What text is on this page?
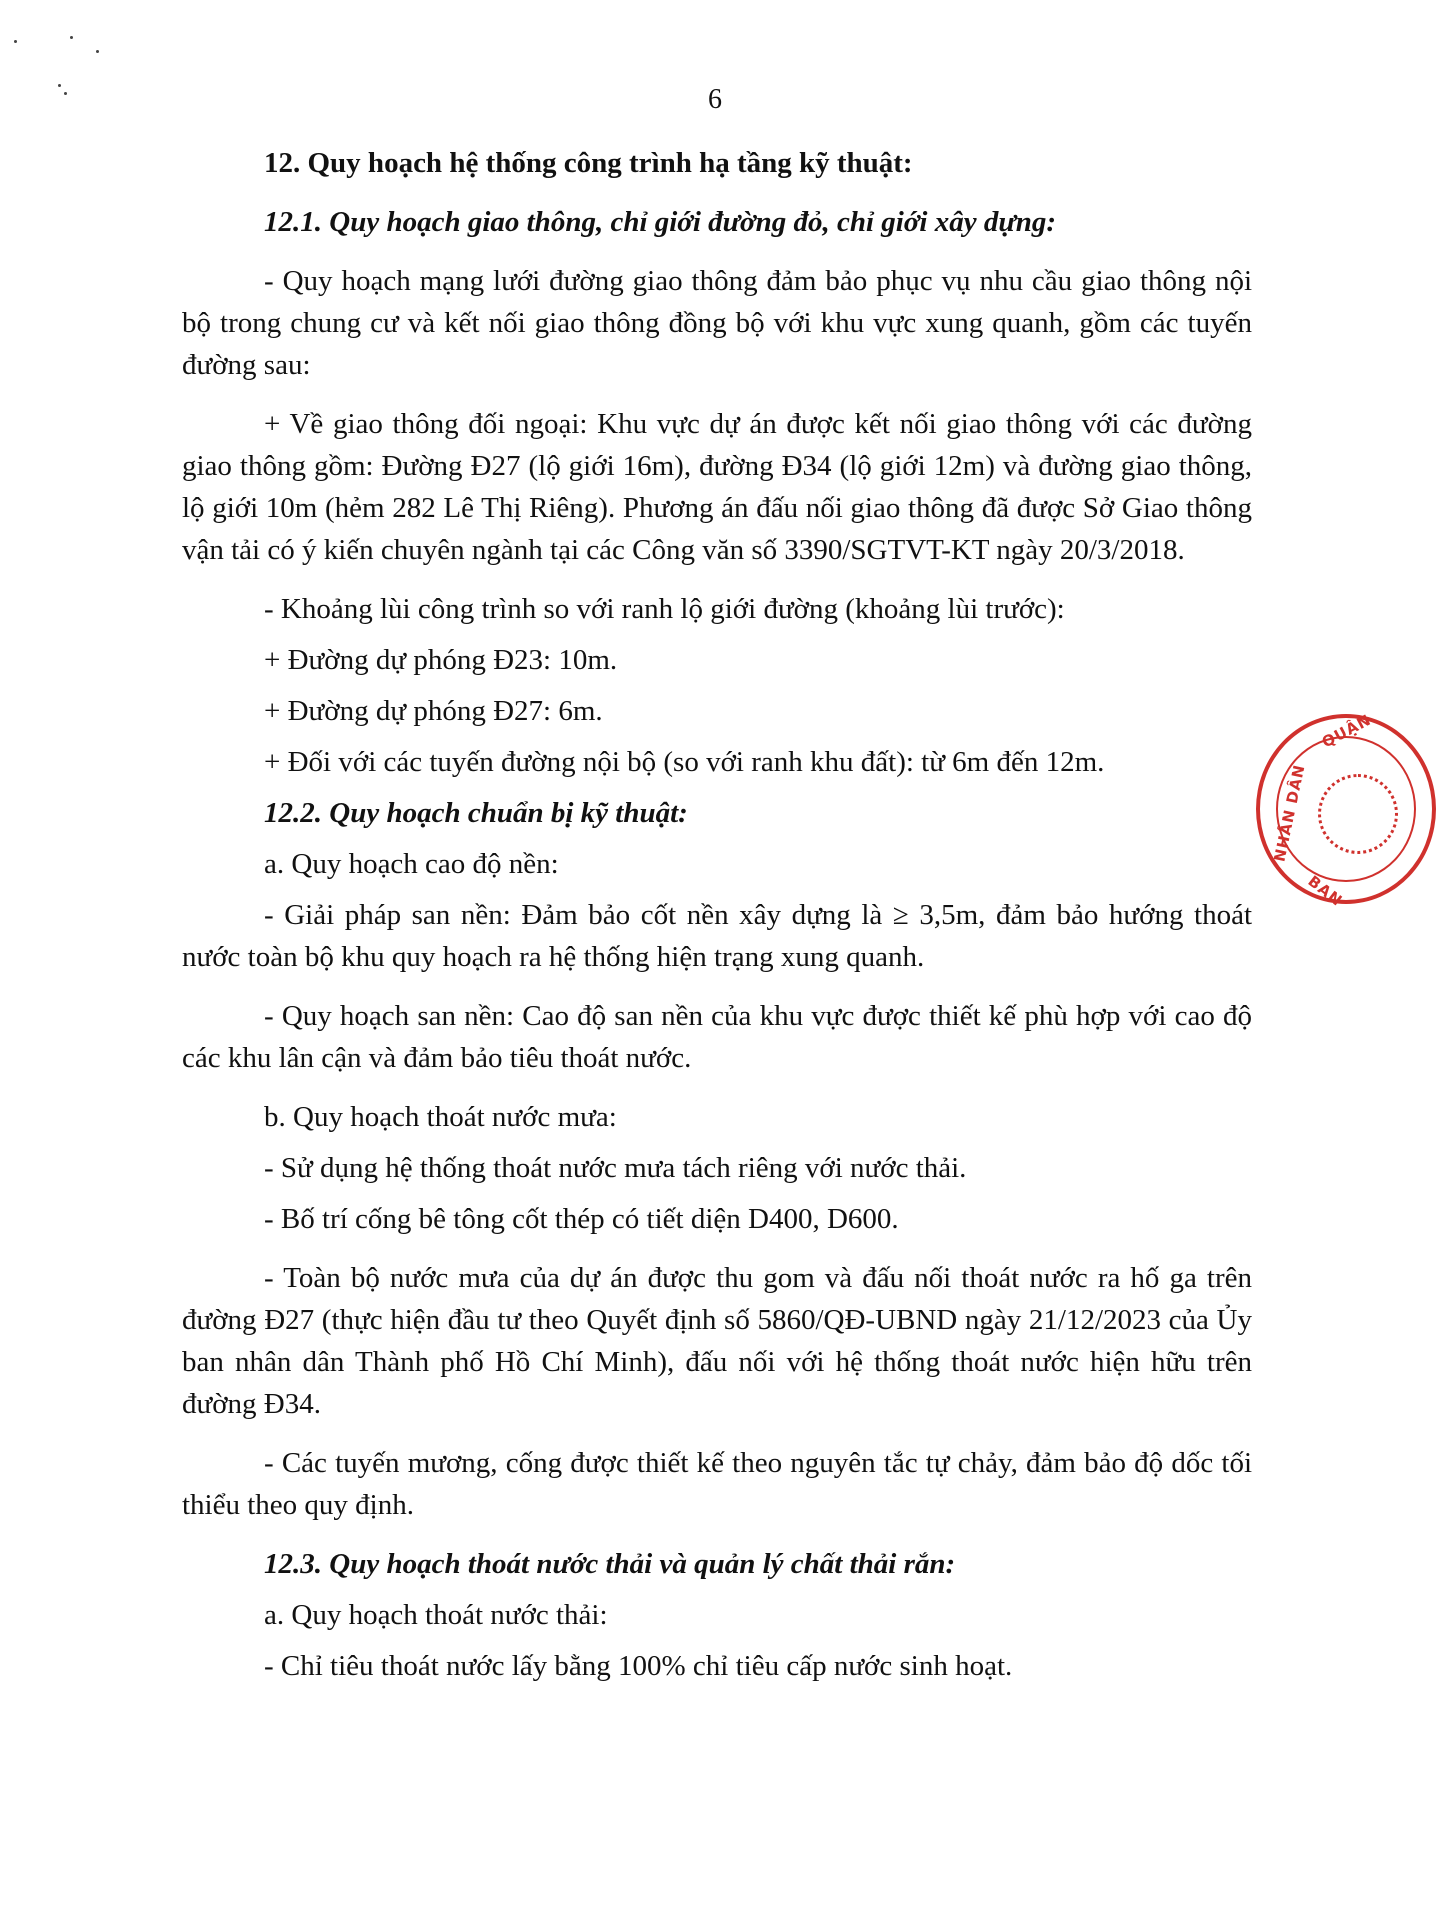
6

12. Quy hoạch hệ thống công trình hạ tầng kỹ thuật:

12.1. Quy hoạch giao thông, chỉ giới đường đỏ, chỉ giới xây dựng:

- Quy hoạch mạng lưới đường giao thông đảm bảo phục vụ nhu cầu giao thông nội bộ trong chung cư và kết nối giao thông đồng bộ với khu vực xung quanh, gồm các tuyến đường sau:

+ Về giao thông đối ngoại: Khu vực dự án được kết nối giao thông với các đường giao thông gồm: Đường Đ27 (lộ giới 16m), đường Đ34 (lộ giới 12m) và đường giao thông, lộ giới 10m (hẻm 282 Lê Thị Riêng). Phương án đấu nối giao thông đã được Sở Giao thông vận tải có ý kiến chuyên ngành tại các Công văn số 3390/SGTVT-KT ngày 20/3/2018.

- Khoảng lùi công trình so với ranh lộ giới đường (khoảng lùi trước):

+ Đường dự phóng Đ23: 10m.

+ Đường dự phóng Đ27: 6m.

+ Đối với các tuyến đường nội bộ (so với ranh khu đất): từ 6m đến 12m.

12.2. Quy hoạch chuẩn bị kỹ thuật:

a. Quy hoạch cao độ nền:

- Giải pháp san nền: Đảm bảo cốt nền xây dựng là ≥ 3,5m, đảm bảo hướng thoát nước toàn bộ khu quy hoạch ra hệ thống hiện trạng xung quanh.

- Quy hoạch san nền: Cao độ san nền của khu vực được thiết kế phù hợp với cao độ các khu lân cận và đảm bảo tiêu thoát nước.

b. Quy hoạch thoát nước mưa:

- Sử dụng hệ thống thoát nước mưa tách riêng với nước thải.

- Bố trí cống bê tông cốt thép có tiết diện D400, D600.

- Toàn bộ nước mưa của dự án được thu gom và đấu nối thoát nước ra hố ga trên đường Đ27 (thực hiện đầu tư theo Quyết định số 5860/QĐ-UBND ngày 21/12/2023 của Ủy ban nhân dân Thành phố Hồ Chí Minh), đấu nối với hệ thống thoát nước hiện hữu trên đường Đ34.

- Các tuyến mương, cống được thiết kế theo nguyên tắc tự chảy, đảm bảo độ dốc tối thiểu theo quy định.

12.3. Quy hoạch thoát nước thải và quản lý chất thải rắn:

a. Quy hoạch thoát nước thải:

- Chỉ tiêu thoát nước lấy bằng 100% chỉ tiêu cấp nước sinh hoạt.

QUẬN
NHÂN DÂN
BAN
